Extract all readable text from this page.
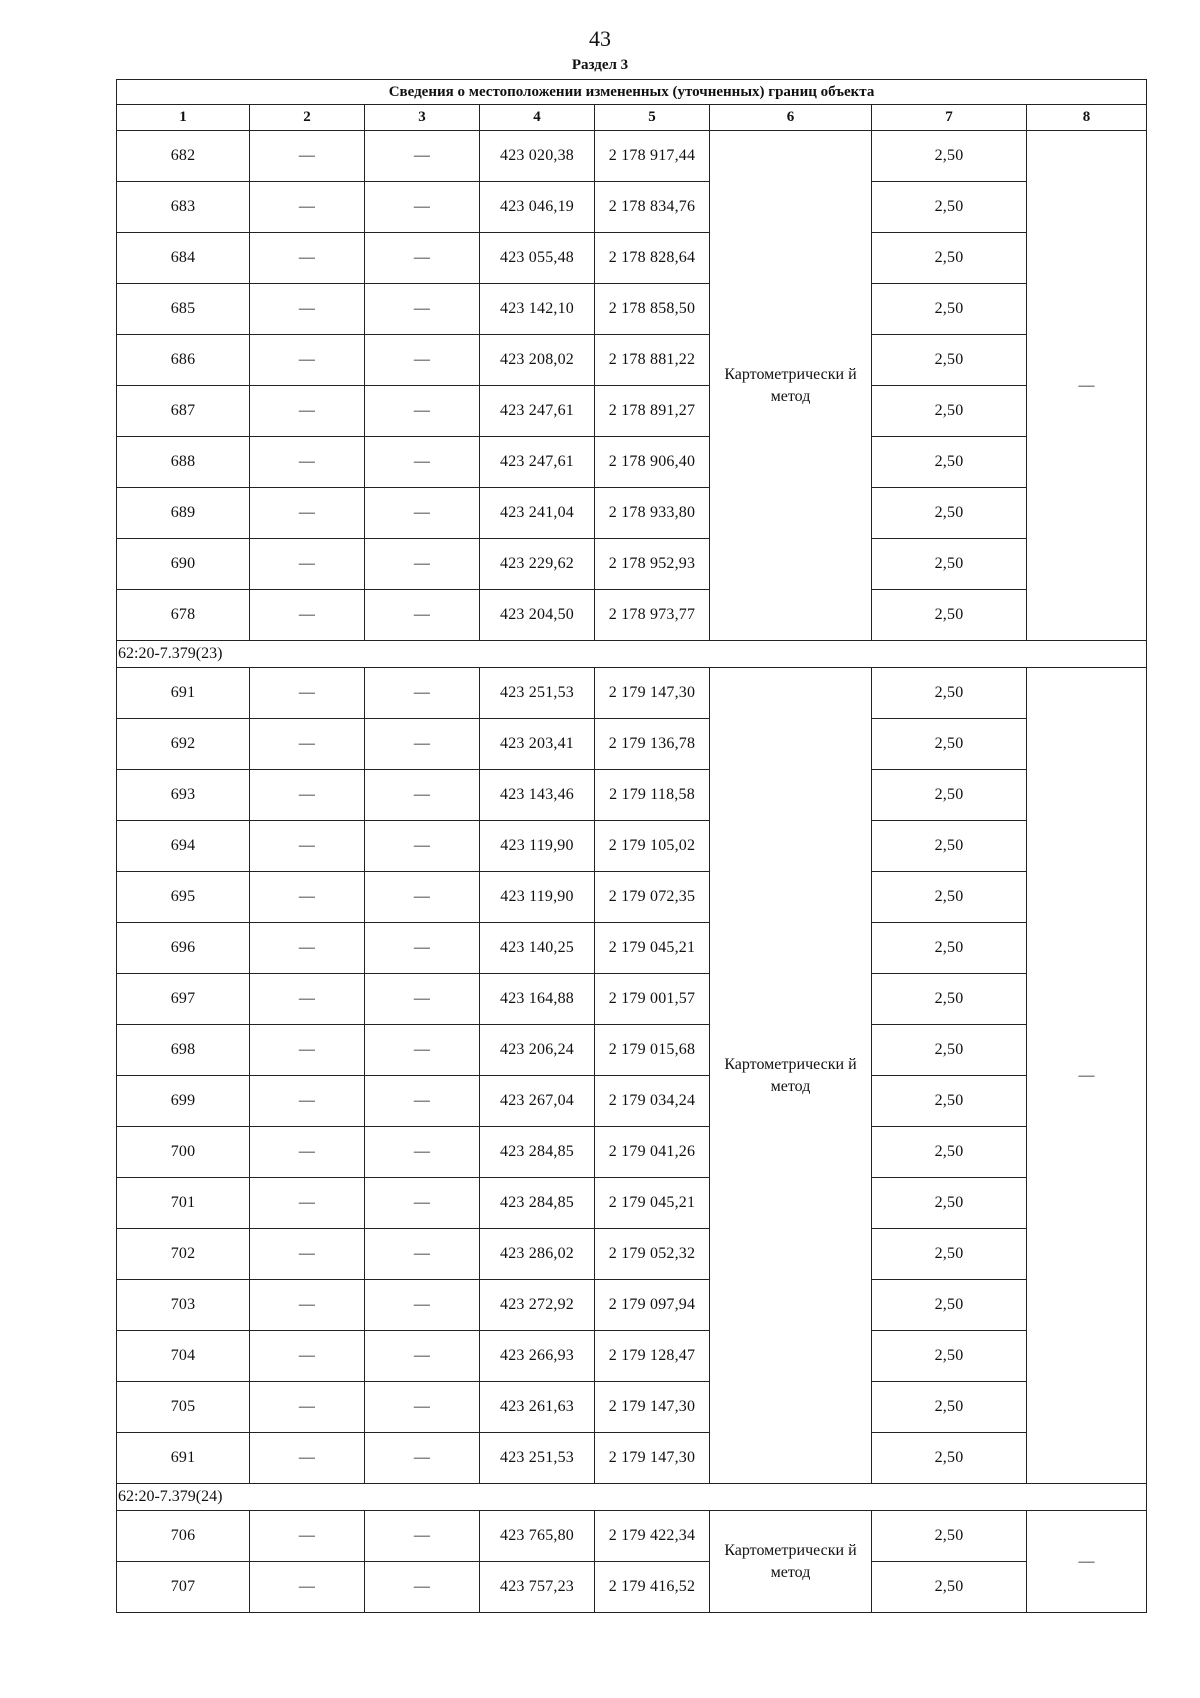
43
Раздел 3
Сведения о местоположении измененных (уточненных) границ объекта							
1	2	3	4	5	6	7	8
682	—	—	423 020,38	2 178 917,44	Картометрически й метод	2,50	—
683	—	—	423 046,19	2 178 834,76		2,50	
684	—	—	423 055,48	2 178 828,64		2,50	
685	—	—	423 142,10	2 178 858,50		2,50	
686	—	—	423 208,02	2 178 881,22		2,50	
687	—	—	423 247,61	2 178 891,27		2,50	
688	—	—	423 247,61	2 178 906,40		2,50	
689	—	—	423 241,04	2 178 933,80		2,50	
690	—	—	423 229,62	2 178 952,93		2,50	
678	—	—	423 204,50	2 178 973,77		2,50	
62:20-7.379(23)							
691	—	—	423 251,53	2 179 147,30	Картометрически й метод	2,50	—
692	—	—	423 203,41	2 179 136,78		2,50	
693	—	—	423 143,46	2 179 118,58		2,50	
694	—	—	423 119,90	2 179 105,02		2,50	
695	—	—	423 119,90	2 179 072,35		2,50	
696	—	—	423 140,25	2 179 045,21		2,50	
697	—	—	423 164,88	2 179 001,57		2,50	
698	—	—	423 206,24	2 179 015,68		2,50	
699	—	—	423 267,04	2 179 034,24		2,50	
700	—	—	423 284,85	2 179 041,26		2,50	
701	—	—	423 284,85	2 179 045,21		2,50	
702	—	—	423 286,02	2 179 052,32		2,50	
703	—	—	423 272,92	2 179 097,94		2,50	
704	—	—	423 266,93	2 179 128,47		2,50	
705	—	—	423 261,63	2 179 147,30		2,50	
691	—	—	423 251,53	2 179 147,30		2,50	
62:20-7.379(24)							
706	—	—	423 765,80	2 179 422,34	Картометрически й метод	2,50	—
707	—	—	423 757,23	2 179 416,52		2,50	
